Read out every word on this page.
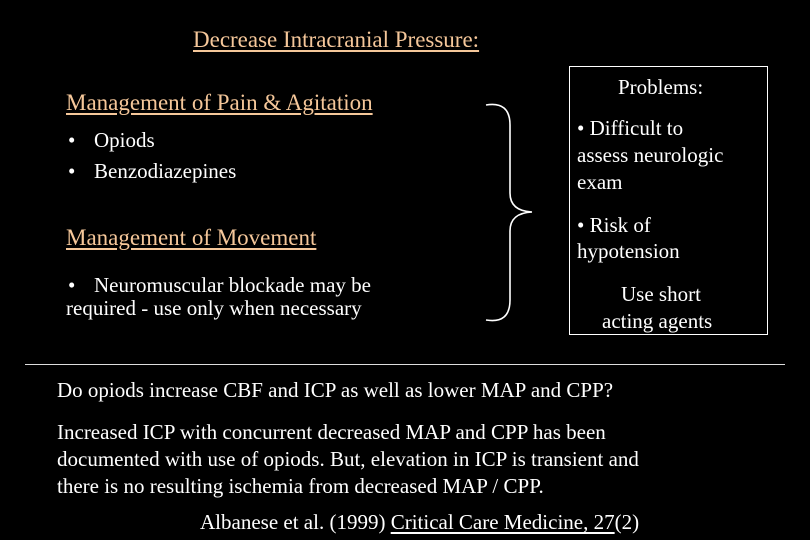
Decrease Intracranial Pressure:
Management of Pain & Agitation
• Opiods
• Benzodiazepines
Management of Movement
• Neuromuscular blockade may be
required - use only when necessary
Problems:
• Difficult to
assess neurologic
exam
• Risk of
hypotension
Use short
acting agents
Do opiods increase CBF and ICP as well as lower MAP and CPP?
Increased ICP with concurrent decreased MAP and CPP has been
documented with use of opiods. But, elevation in ICP is transient and
there is no resulting ischemia from decreased MAP / CPP.
Albanese et al. (1999) Critical Care Medicine, 27(2)
